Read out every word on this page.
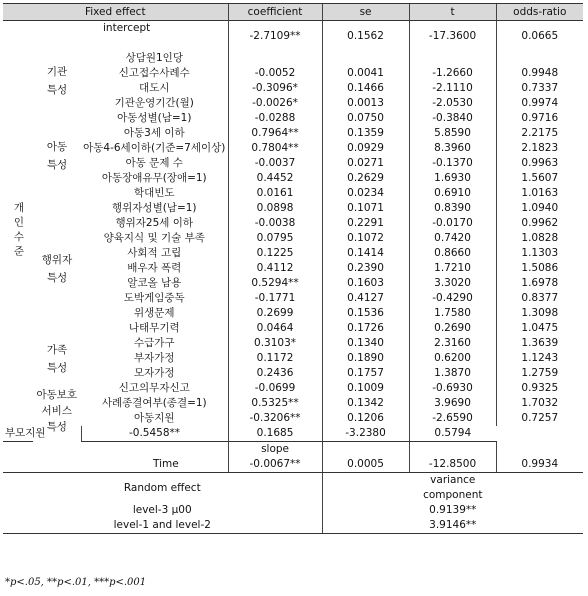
Fixed effect			coefficient	se	t	odds-ratio
intercept			-2.7109**	0.1562	-17.3600	0.0665
개인수준						
	기관
특성	상담원1인당				
		신고접수사례수	-0.0052	0.0041	-1.2660	0.9948
		대도시	-0.3096*	0.1466	-2.1110	0.7337
		기관운영기간(월)	-0.0026*	0.0013	-2.0530	0.9974
	아동
특성	아동성별(남=1)	-0.0288	0.0750	-0.3840	0.9716
		아동3세 이하	0.7964**	0.1359	5.8590	2.2175
		아동4-6세이하(기준=7세이상)	0.7804**	0.0929	8.3960	2.1823

		아동 문제 수	-0.0037	0.0271	-0.1370	0.9963
		아동장애유무(장애=1)	0.4452	0.2629	1.6930	1.5607
		학대빈도	0.0161	0.0234	0.6910	1.0163
	행위자
특성	행위자성별(남=1)	0.0898	0.1071	0.8390	1.0940
		행위자25세 이하	-0.0038	0.2291	-0.0170	0.9962
		양육지식 및 기술 부족	0.0795	0.1072	0.7420	1.0828
		사회적 고립	0.1225	0.1414	0.8660	1.1303
		배우자 폭력	0.4112	0.2390	1.7210	1.5086
		알코올 남용	0.5294**	0.1603	3.3020	1.6978
		도박게임중독	-0.1771	0.4127	-0.4290	0.8377
		위생문제	0.2699	0.1536	1.7580	1.3098
		나태무기력	0.0464	0.1726	0.2690	1.0475
	가족
특성	수급가구	0.3103*	0.1340	2.3160	1.3639
		부자가정	0.1172	0.1890	0.6200	1.1243
		모자가정	0.2436	0.1757	1.3870	1.2759
	아동보호
서비스
특성	신고의무자신고	-0.0699	0.1009	-0.6930	0.9325
		사례종결여부(종결=1)	0.5325**	0.1342	3.9690	1.7032
		아동지원	-0.3206**	0.1206	-2.6590	0.7257
부모지원		-0.5458**	0.1685	-3.2380	0.5794	
			slope			
Time			-0.0067**	0.0005	-12.8500	0.9934
Random effect				variance		
				component		
level-3 μ00				0.9139**		
level-1 and level-2				3.9146**		
*p<.05, **p<.01, ***p<.001
